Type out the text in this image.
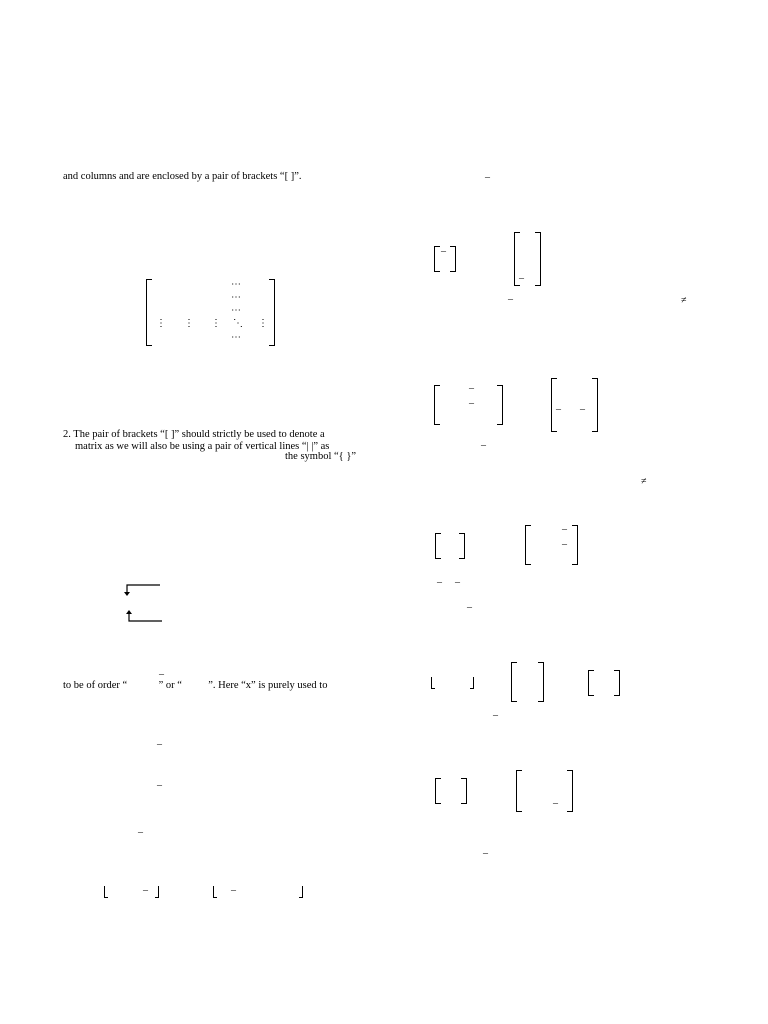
and columns and are enclosed by a pair of brackets “[ ]”.
⋯
⋯
⋯
⋮ ⋮ ⋮ ⋱ ⋮
⋯
2. The pair of brackets “[ ]” should strictly be used to denote a
matrix as we will also be using a pair of vertical lines “| |” as
the symbol “{ }”
–
to be of order “            ” or “          ”. Here “x” is purely used to
–
–
–
–	–
–
–
–
–	≠
–
–
– –
–
≠
–
–
– –
–
–
–
–
